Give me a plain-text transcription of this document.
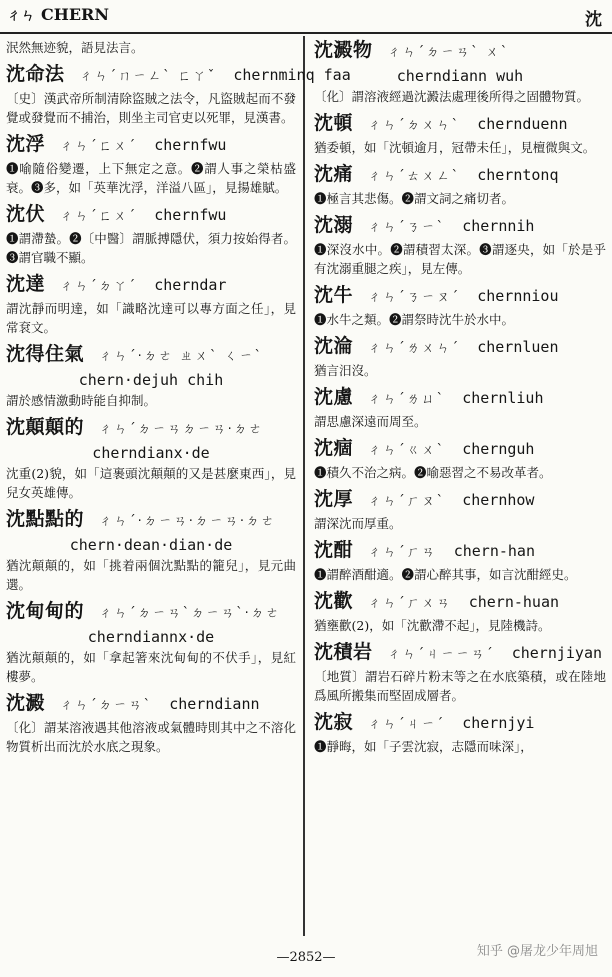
ㄔㄣ CHERN	沈
泯然無迹貌，語見法言。
沈命法 ㄔㄣˊㄇㄧㄥˋ ㄈㄚˇ chernminq faa
〔史〕漢武帝所制清除盜賊之法令，凡盜賊起而不發覺或發覺而不捕治，則坐主司官吏以死罪，見漢書。
沈浮 ㄔㄣˊㄈㄨˊ chernfwu
❶喻隨俗變遷，上下無定之意。❷謂人事之榮枯盛衰。❸多，如「英華沈浮，洋溢八區」，見揚雄賦。
沈伏 ㄔㄣˊㄈㄨˊ chernfwu
❶謂滯蟄。❷〔中醫〕謂脈搏隱伏，須力按始得者。❸謂官職不顯。
沈達 ㄔㄣˊㄉㄚˊ cherndar
謂沈靜而明達，如「識略沈達可以專方面之任」，見常袞文。
沈得住氣 ㄔㄣˊ·ㄉㄜ ㄓㄨˋ ㄑㄧˋ
chern·dejuh chih
謂於感情激動時能自抑制。
沈顛顛的 ㄔㄣˊㄉㄧㄢㄉㄧㄢ·ㄉㄜ
cherndianx·de
沈重(2)貌，如「這裹頭沈顛顛的又是甚麼東西」，見兒女英雄傳。
沈點點的 ㄔㄣˊ·ㄉㄧㄢ·ㄉㄧㄢ·ㄉㄜ
chern·dean·dian·de
猶沈顛顛的，如「挑着兩個沈點點的籠兒」，見元曲選。
沈甸甸的 ㄔㄣˊㄉㄧㄢˋㄉㄧㄢˋ·ㄉㄜ
cherndiannx·de
猶沈顛顛的，如「拿起箸來沈甸甸的不伏手」，見紅樓夢。
沈澱 ㄔㄣˊㄉㄧㄢˋ cherndiann
〔化〕謂某溶液遇其他溶液或氣體時則其中之不溶化物質析出而沈於水底之現象。
沈澱物 ㄔㄣˊㄉㄧㄢˋ ㄨˋ
cherndiann wuh
〔化〕謂溶液經過沈澱法處理後所得之固體物質。
沈頓 ㄔㄣˊㄉㄨㄣˋ chernduenn
猶委頓，如「沈頓逾月，冠帶未任」，見檀微與文。
沈痛 ㄔㄣˊㄊㄨㄥˋ cherntonq
❶極言其悲傷。❷謂文詞之痛切者。
沈溺 ㄔㄣˊㄋㄧˋ chernnih
❶深沒水中。❷謂積習太深。❸謂逐央，如「於是乎有沈溺重腿之疾」，見左傳。
沈牛 ㄔㄣˊㄋㄧㄡˊ chernniou
❶水牛之類。❷謂祭時沈牛於水中。
沈淪 ㄔㄣˊㄌㄨㄣˊ chernluen
猶言汨沒。
沈慮 ㄔㄣˊㄌㄩˋ chernliuh
謂思慮深遠而周至。
沈痼 ㄔㄣˊㄍㄨˋ chernguh
❶積久不治之病。❷喻惡習之不易改革者。
沈厚 ㄔㄣˊㄏㄡˋ chernhow
謂深沈而厚重。
沈酣 ㄔㄣˊㄏㄢ chern-han
❶謂醉酒酣適。❷謂心醉其事，如言沈酣經史。
沈歡 ㄔㄣˊㄏㄨㄢ chern-huan
猶壅歡(2)，如「沈歡滯不起」，見陸機詩。
沈積岩 ㄔㄣˊㄐㄧㄧㄢˊ chernjiyan
〔地質〕謂岩石碎片粉末等之在水底築積，或在陸地爲風所搬集而堅固成層者。
沈寂 ㄔㄣˊㄐㄧˊ chernjyi
❶靜晦，如「子雲沈寂，志隱而味深」，
—2852—	知乎 @屠龙少年周旭
